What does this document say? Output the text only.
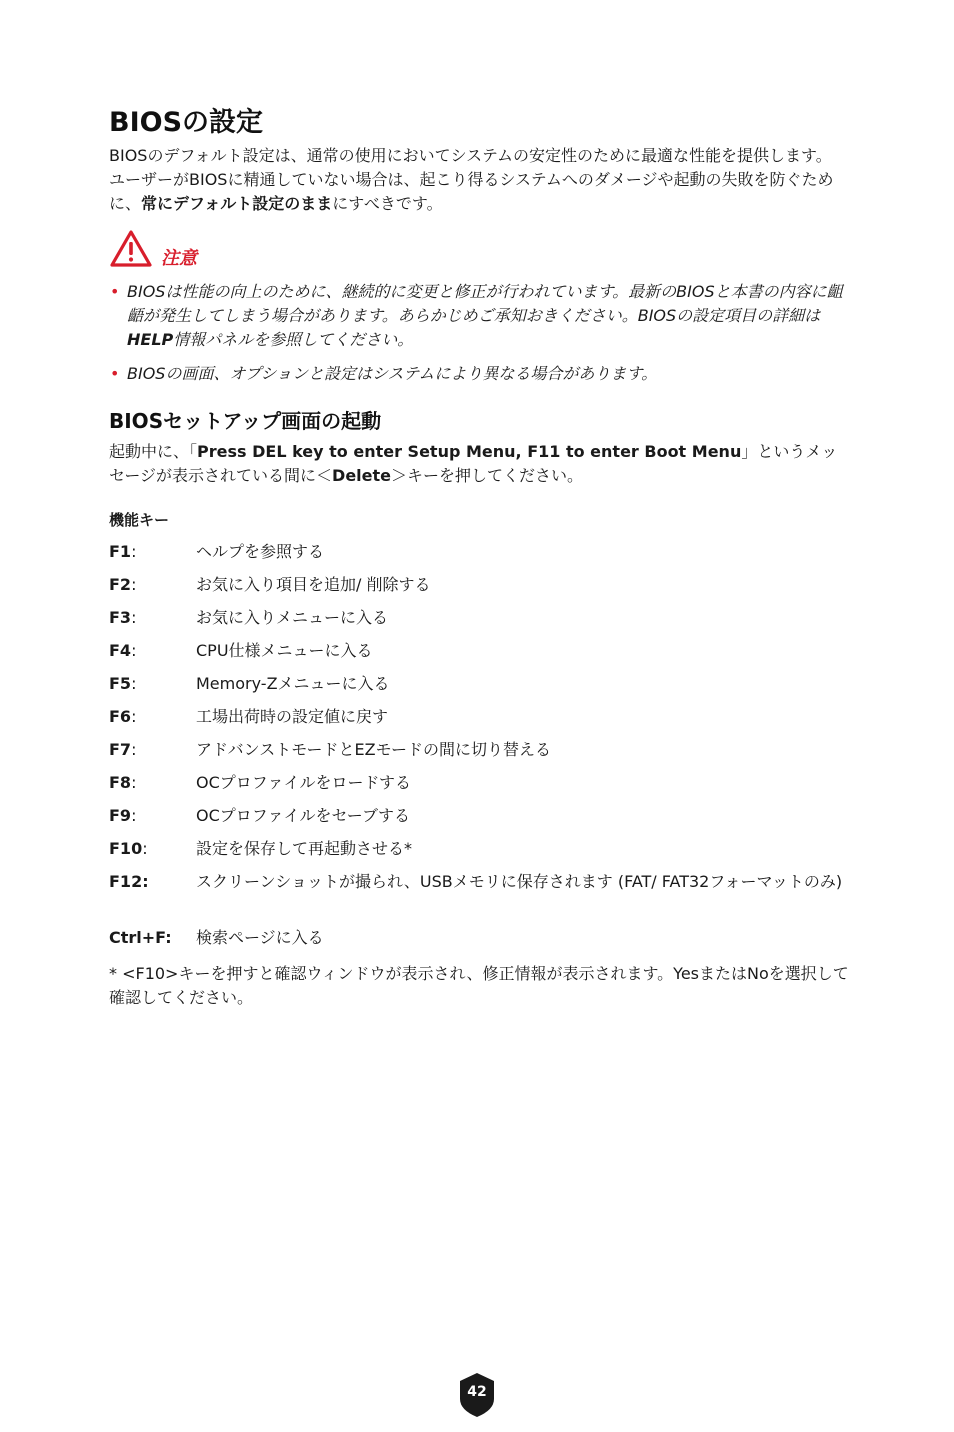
BIOSの設定
BIOSのデフォルト設定は、通常の使用においてシステムの安定性のために最適な性能を提供します。ユーザーがBIOSに精通していない場合は、起こり得るシステムへのダメージや起動の失敗を防ぐために、常にデフォルト設定のままにすべきです。
注意
• BIOSは性能の向上のために、継続的に変更と修正が行われています。最新のBIOSと本書の内容に齟齬が発生してしまう場合があります。あらかじめご承知おきください。BIOSの設定項目の詳細はHELP情報パネルを参照してください。
• BIOSの画面、オプションと設定はシステムにより異なる場合があります。
BIOSセットアップ画面の起動
起動中に、「Press DEL key to enter Setup Menu, F11 to enter Boot Menu」というメッセージが表示されている間に＜Delete＞キーを押してください。
機能キー
F1:	ヘルプを参照する
F2:	お気に入り項目を追加/ 削除する
F3:	お気に入りメニューに入る
F4:	CPU仕様メニューに入る
F5:	Memory-Zメニューに入る
F6:	工場出荷時の設定値に戻す
F7:	アドバンストモードとEZモードの間に切り替える
F8:	OCプロファイルをロードする
F9:	OCプロファイルをセーブする
F10:	設定を保存して再起動させる*
F12:	スクリーンショットが撮られ、USBメモリに保存されます (FAT/ FAT32フォーマットのみ)
Ctrl+F: 検索ページに入る
* <F10>キーを押すと確認ウィンドウが表示され、修正情報が表示されます。YesまたはNoを選択して確認してください。
42
